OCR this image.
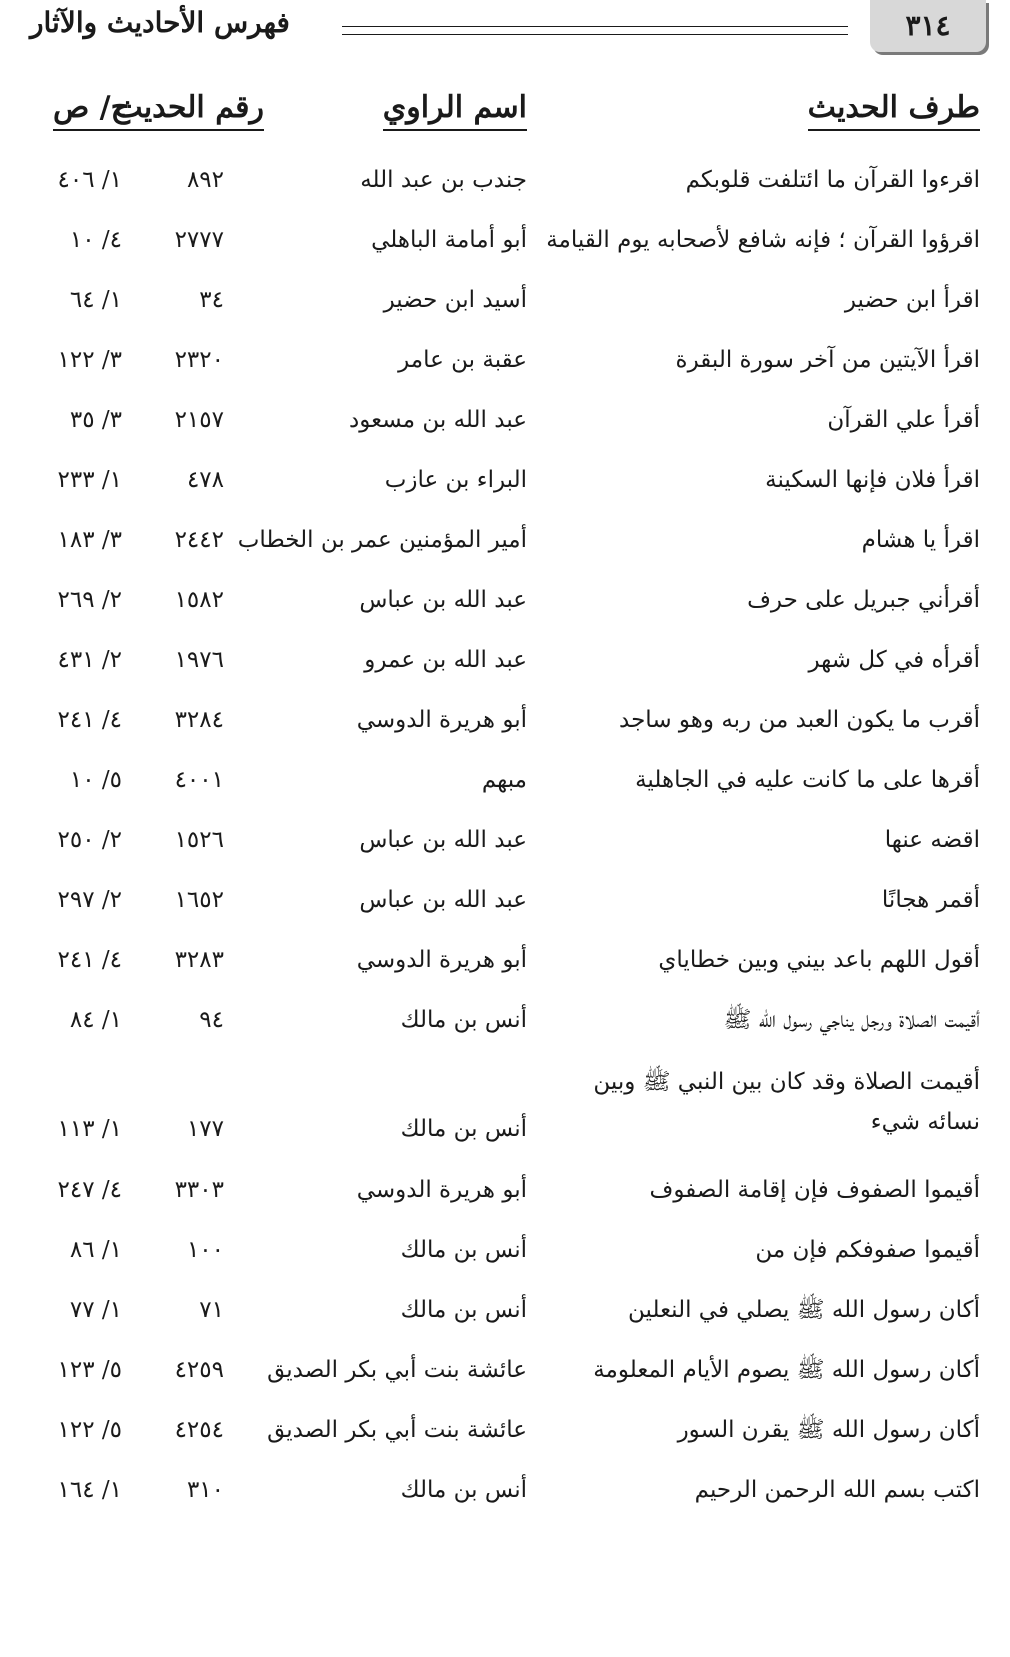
فهرس الأحاديث والآثار	٣١٤
طرف الحديث
اسم الراوي
رقم الحديث
ج/ ص
اقرءوا القرآن ما ائتلفت قلوبكم
جندب بن عبد الله
٨٩٢
١/ ٤٠٦
اقرؤوا القرآن ؛ فإنه شافع لأصحابه يوم القيامة
أبو أمامة الباهلي
٢٧٧٧
٤/ ١٠
اقرأ ابن حضير
أسيد ابن حضير
٣٤
١/ ٦٤
اقرأ الآيتين من آخر سورة البقرة
عقبة بن عامر
٢٣٢٠
٣/ ١٢٢
أقرأ علي القرآن
عبد الله بن مسعود
٢١٥٧
٣/ ٣٥
اقرأ فلان فإنها السكينة
البراء بن عازب
٤٧٨
١/ ٢٣٣
اقرأ يا هشام
أمير المؤمنين عمر بن الخطاب
٢٤٤٢
٣/ ١٨٣
أقرأني جبريل على حرف
عبد الله بن عباس
١٥٨٢
٢/ ٢٦٩
أقرأه في كل شهر
عبد الله بن عمرو
١٩٧٦
٢/ ٤٣١
أقرب ما يكون العبد من ربه وهو ساجد
أبو هريرة الدوسي
٣٢٨٤
٤/ ٢٤١
أقرها على ما كانت عليه في الجاهلية
مبهم
٤٠٠١
٥/ ١٠
اقضه عنها
عبد الله بن عباس
١٥٢٦
٢/ ٢٥٠
أقمر هجانًا
عبد الله بن عباس
١٦٥٢
٢/ ٢٩٧
أقول اللهم باعد بيني وبين خطاياي
أبو هريرة الدوسي
٣٢٨٣
٤/ ٢٤١
أقيمت الصلاة ورجل يناجي رسول الله ﷺ
أنس بن مالك
٩٤
١/ ٨٤
أقيمت الصلاة وقد كان بين النبي ﷺ وبين نسائه شيء
أنس بن مالك
١٧٧
١/ ١١٣
أقيموا الصفوف فإن إقامة الصفوف
أبو هريرة الدوسي
٣٣٠٣
٤/ ٢٤٧
أقيموا صفوفكم فإن من
أنس بن مالك
١٠٠
١/ ٨٦
أكان رسول الله ﷺ يصلي في النعلين
أنس بن مالك
٧١
١/ ٧٧
أكان رسول الله ﷺ يصوم الأيام المعلومة
عائشة بنت أبي بكر الصديق
٤٢٥٩
٥/ ١٢٣
أكان رسول الله ﷺ يقرن السور
عائشة بنت أبي بكر الصديق
٤٢٥٤
٥/ ١٢٢
اكتب بسم الله الرحمن الرحيم
أنس بن مالك
٣١٠
١/ ١٦٤
